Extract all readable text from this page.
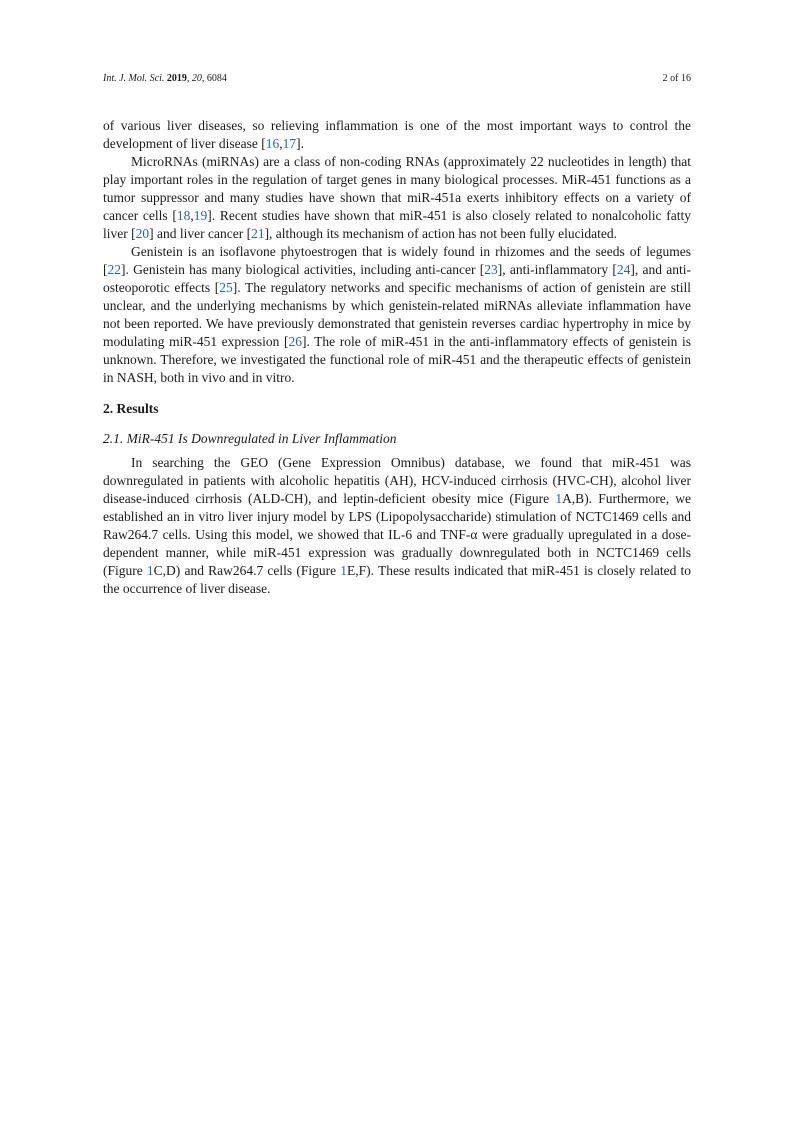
Int. J. Mol. Sci. 2019, 20, 6084	2 of 16

of various liver diseases, so relieving inflammation is one of the most important ways to control the development of liver disease [16,17].

MicroRNAs (miRNAs) are a class of non-coding RNAs (approximately 22 nucleotides in length) that play important roles in the regulation of target genes in many biological processes. MiR-451 functions as a tumor suppressor and many studies have shown that miR-451a exerts inhibitory effects on a variety of cancer cells [18,19]. Recent studies have shown that miR-451 is also closely related to nonalcoholic fatty liver [20] and liver cancer [21], although its mechanism of action has not been fully elucidated.

Genistein is an isoflavone phytoestrogen that is widely found in rhizomes and the seeds of legumes [22]. Genistein has many biological activities, including anti-cancer [23], anti-inflammatory [24], and anti-osteoporotic effects [25]. The regulatory networks and specific mechanisms of action of genistein are still unclear, and the underlying mechanisms by which genistein-related miRNAs alleviate inflammation have not been reported. We have previously demonstrated that genistein reverses cardiac hypertrophy in mice by modulating miR-451 expression [26]. The role of miR-451 in the anti-inflammatory effects of genistein is unknown. Therefore, we investigated the functional role of miR-451 and the therapeutic effects of genistein in NASH, both in vivo and in vitro.

2. Results
2.1. MiR-451 Is Downregulated in Liver Inflammation

In searching the GEO (Gene Expression Omnibus) database, we found that miR-451 was downregulated in patients with alcoholic hepatitis (AH), HCV-induced cirrhosis (HVC-CH), alcohol liver disease-induced cirrhosis (ALD-CH), and leptin-deficient obesity mice (Figure 1A,B). Furthermore, we established an in vitro liver injury model by LPS (Lipopolysaccharide) stimulation of NCTC1469 cells and Raw264.7 cells. Using this model, we showed that IL-6 and TNF-α were gradually upregulated in a dose-dependent manner, while miR-451 expression was gradually downregulated both in NCTC1469 cells (Figure 1C,D) and Raw264.7 cells (Figure 1E,F). These results indicated that miR-451 is closely related to the occurrence of liver disease.
